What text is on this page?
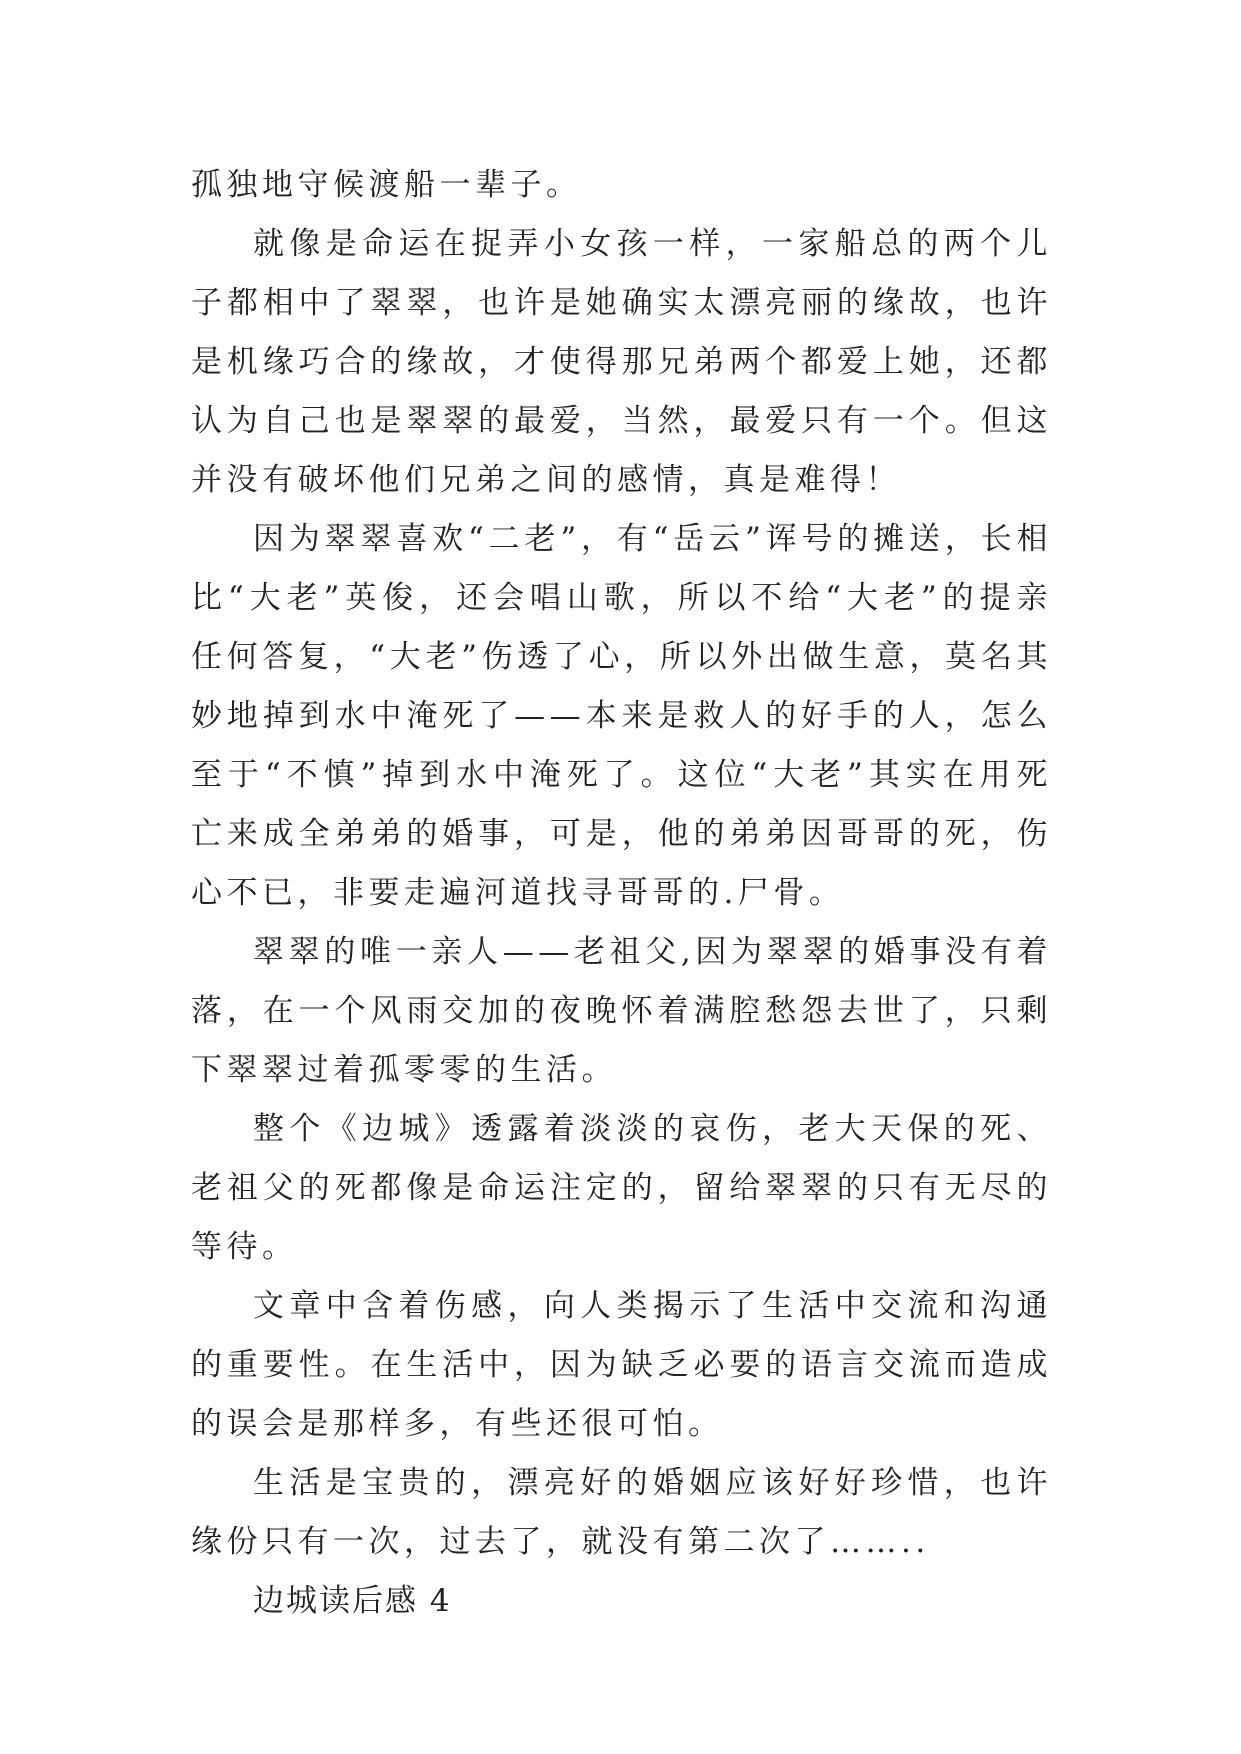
孤独地守候渡船一辈子。

就像是命运在捉弄小女孩一样，一家船总的两个儿子都相中了翠翠，也许是她确实太漂亮丽的缘故，也许是机缘巧合的缘故，才使得那兄弟两个都爱上她，还都认为自己也是翠翠的最爱，当然，最爱只有一个。但这并没有破坏他们兄弟之间的感情，真是难得！

因为翠翠喜欢“二老”，有“岳云”诨号的摊送，长相比“大老”英俊，还会唱山歌，所以不给“大老”的提亲任何答复，“大老”伤透了心，所以外出做生意，莫名其妙地掉到水中淹死了——本来是救人的好手的人，怎么至于“不慎”掉到水中淹死了。这位“大老”其实在用死亡来成全弟弟的婚事，可是，他的弟弟因哥哥的死，伤心不已，非要走遍河道找寻哥哥的.尸骨。

翠翠的唯一亲人——老祖父,因为翠翠的婚事没有着落，在一个风雨交加的夜晚怀着满腔愁怨去世了，只剩下翠翠过着孤零零的生活。

整个《边城》透露着淡淡的哀伤，老大天保的死、老祖父的死都像是命运注定的，留给翠翠的只有无尽的等待。

文章中含着伤感，向人类揭示了生活中交流和沟通的重要性。在生活中，因为缺乏必要的语言交流而造成的误会是那样多，有些还很可怕。

生活是宝贵的，漂亮好的婚姻应该好好珍惜，也许缘份只有一次，过去了，就没有第二次了……..

边城读后感 4
